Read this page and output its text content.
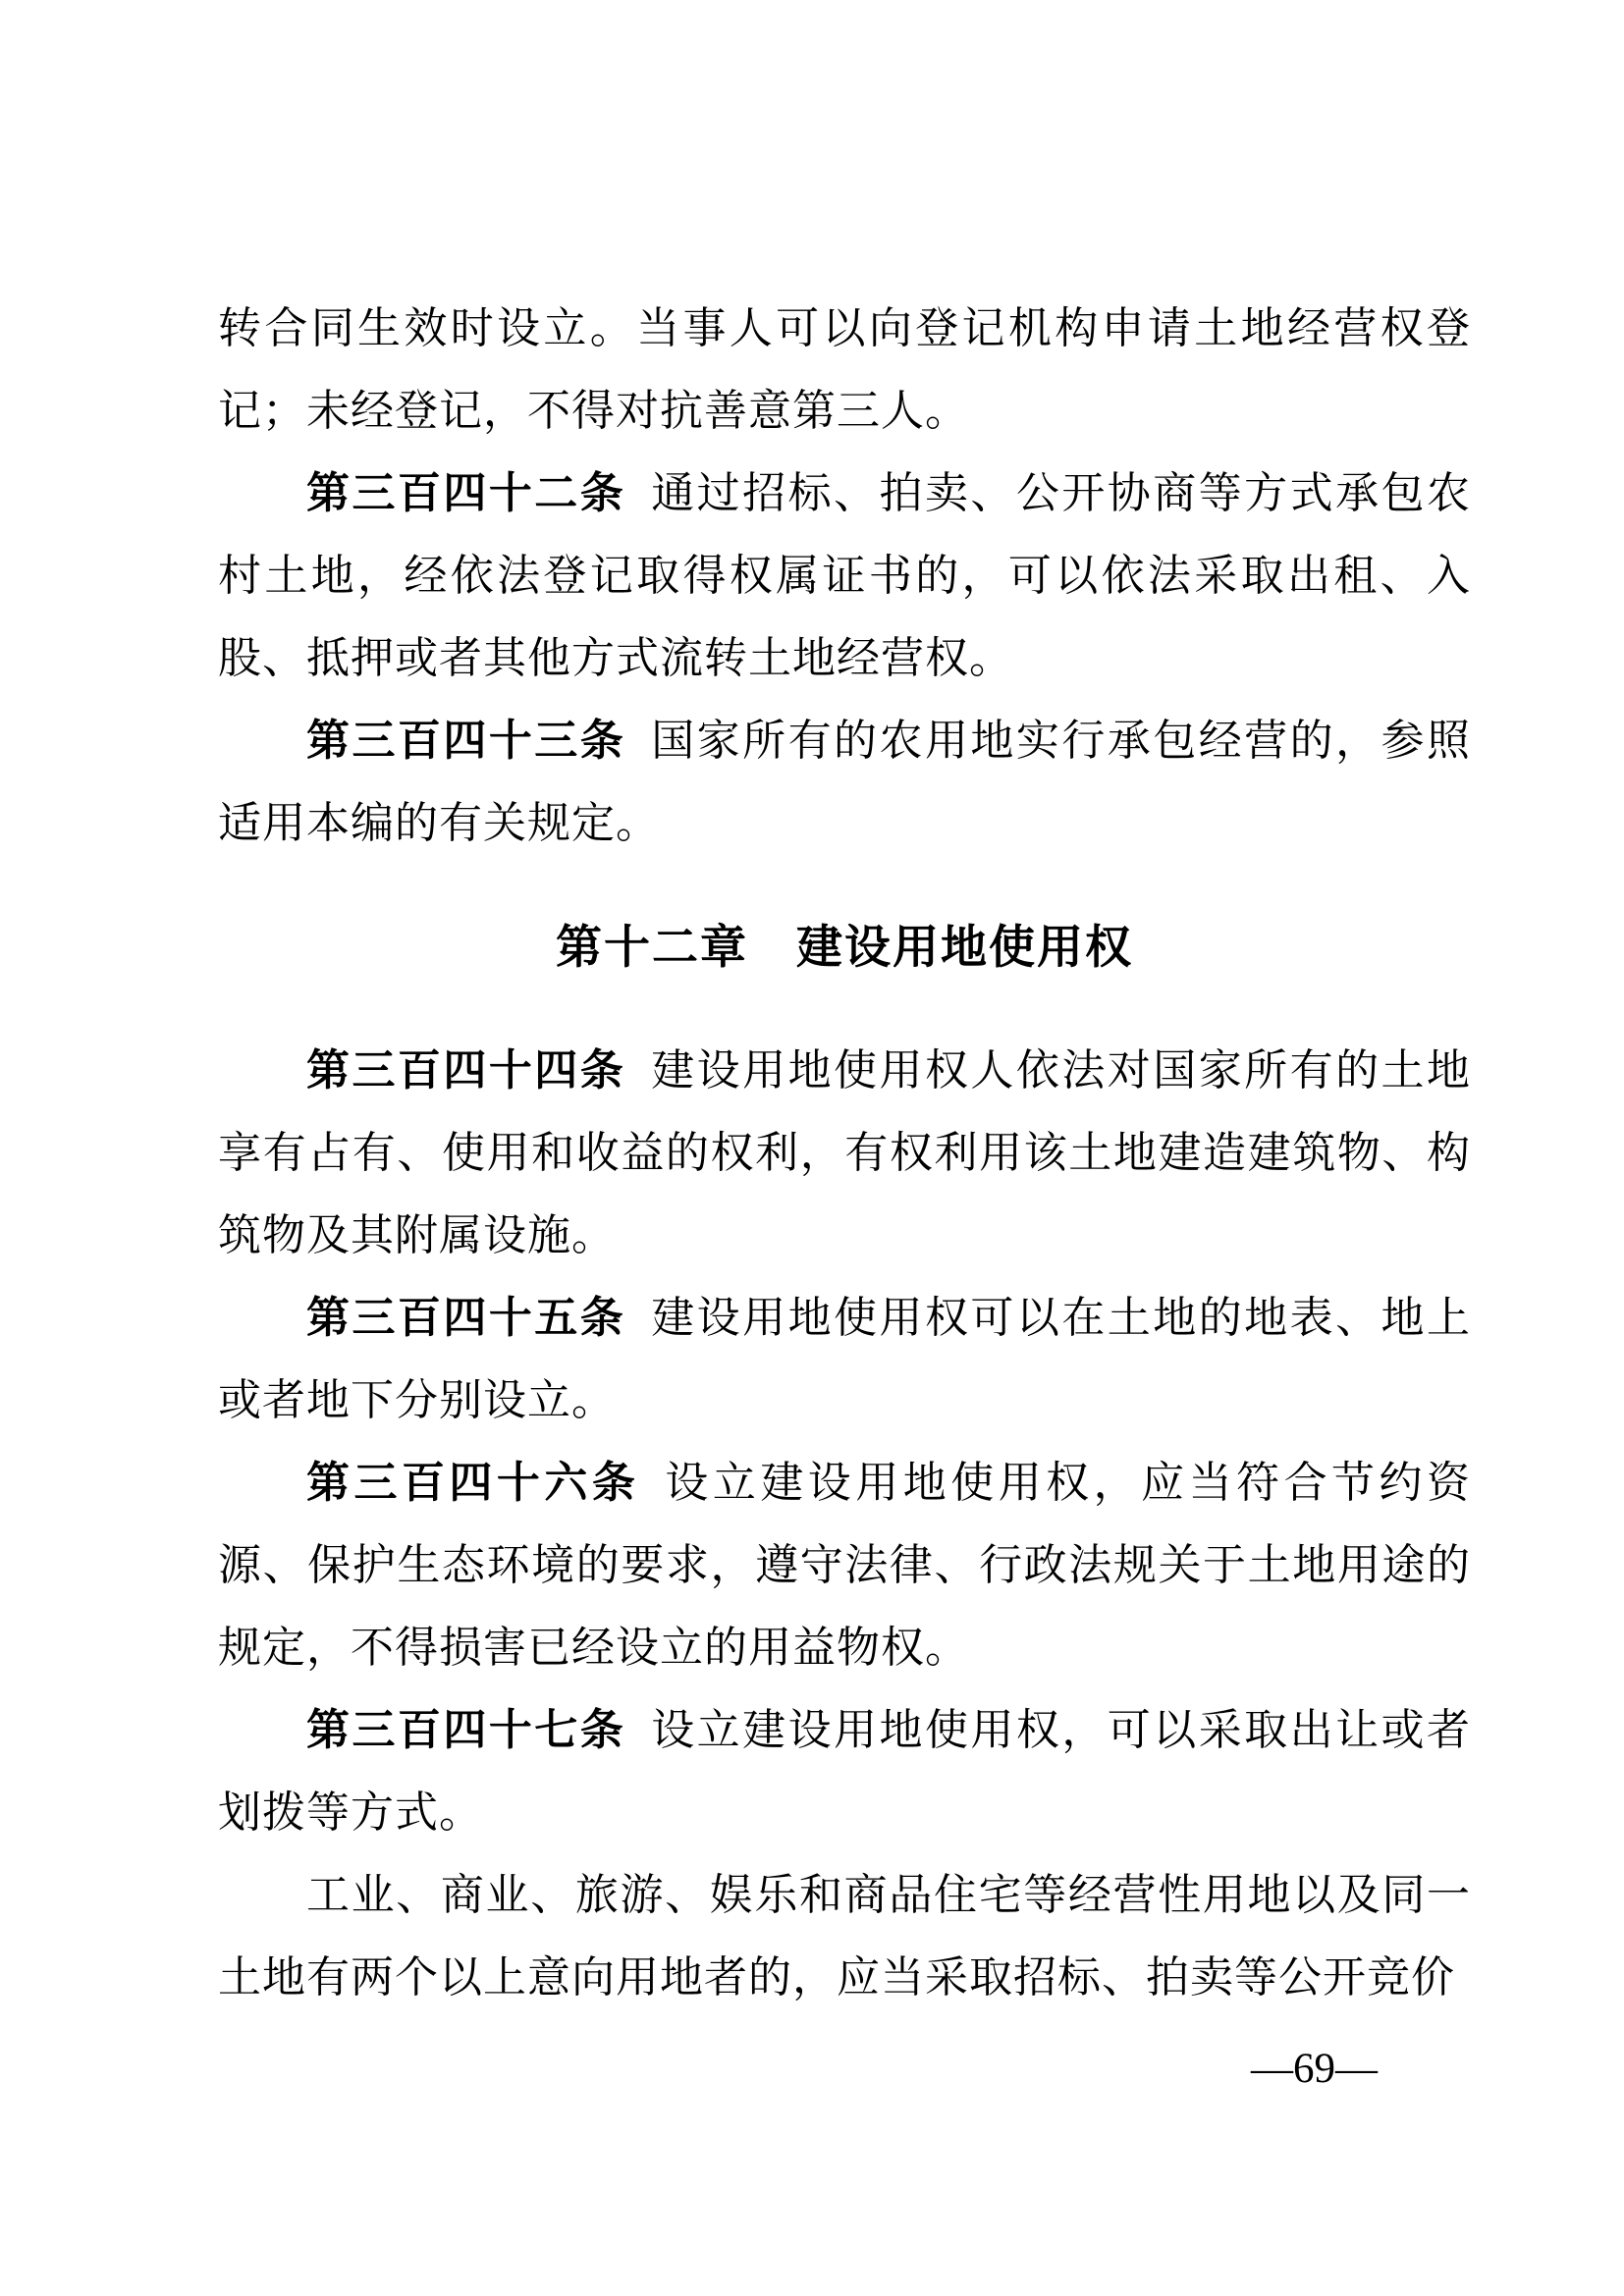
转合同生效时设立。当事人可以向登记机构申请土地经营权登记；未经登记，不得对抗善意第三人。

第三百四十二条 通过招标、拍卖、公开协商等方式承包农村土地，经依法登记取得权属证书的，可以依法采取出租、入股、抵押或者其他方式流转土地经营权。

第三百四十三条 国家所有的农用地实行承包经营的，参照适用本编的有关规定。

第十二章　建设用地使用权

第三百四十四条 建设用地使用权人依法对国家所有的土地享有占有、使用和收益的权利，有权利用该土地建造建筑物、构筑物及其附属设施。

第三百四十五条 建设用地使用权可以在土地的地表、地上或者地下分别设立。

第三百四十六条 设立建设用地使用权，应当符合节约资源、保护生态环境的要求，遵守法律、行政法规关于土地用途的规定，不得损害已经设立的用益物权。

第三百四十七条 设立建设用地使用权，可以采取出让或者划拨等方式。

工业、商业、旅游、娱乐和商品住宅等经营性用地以及同一土地有两个以上意向用地者的，应当采取招标、拍卖等公开竞价

—69—
